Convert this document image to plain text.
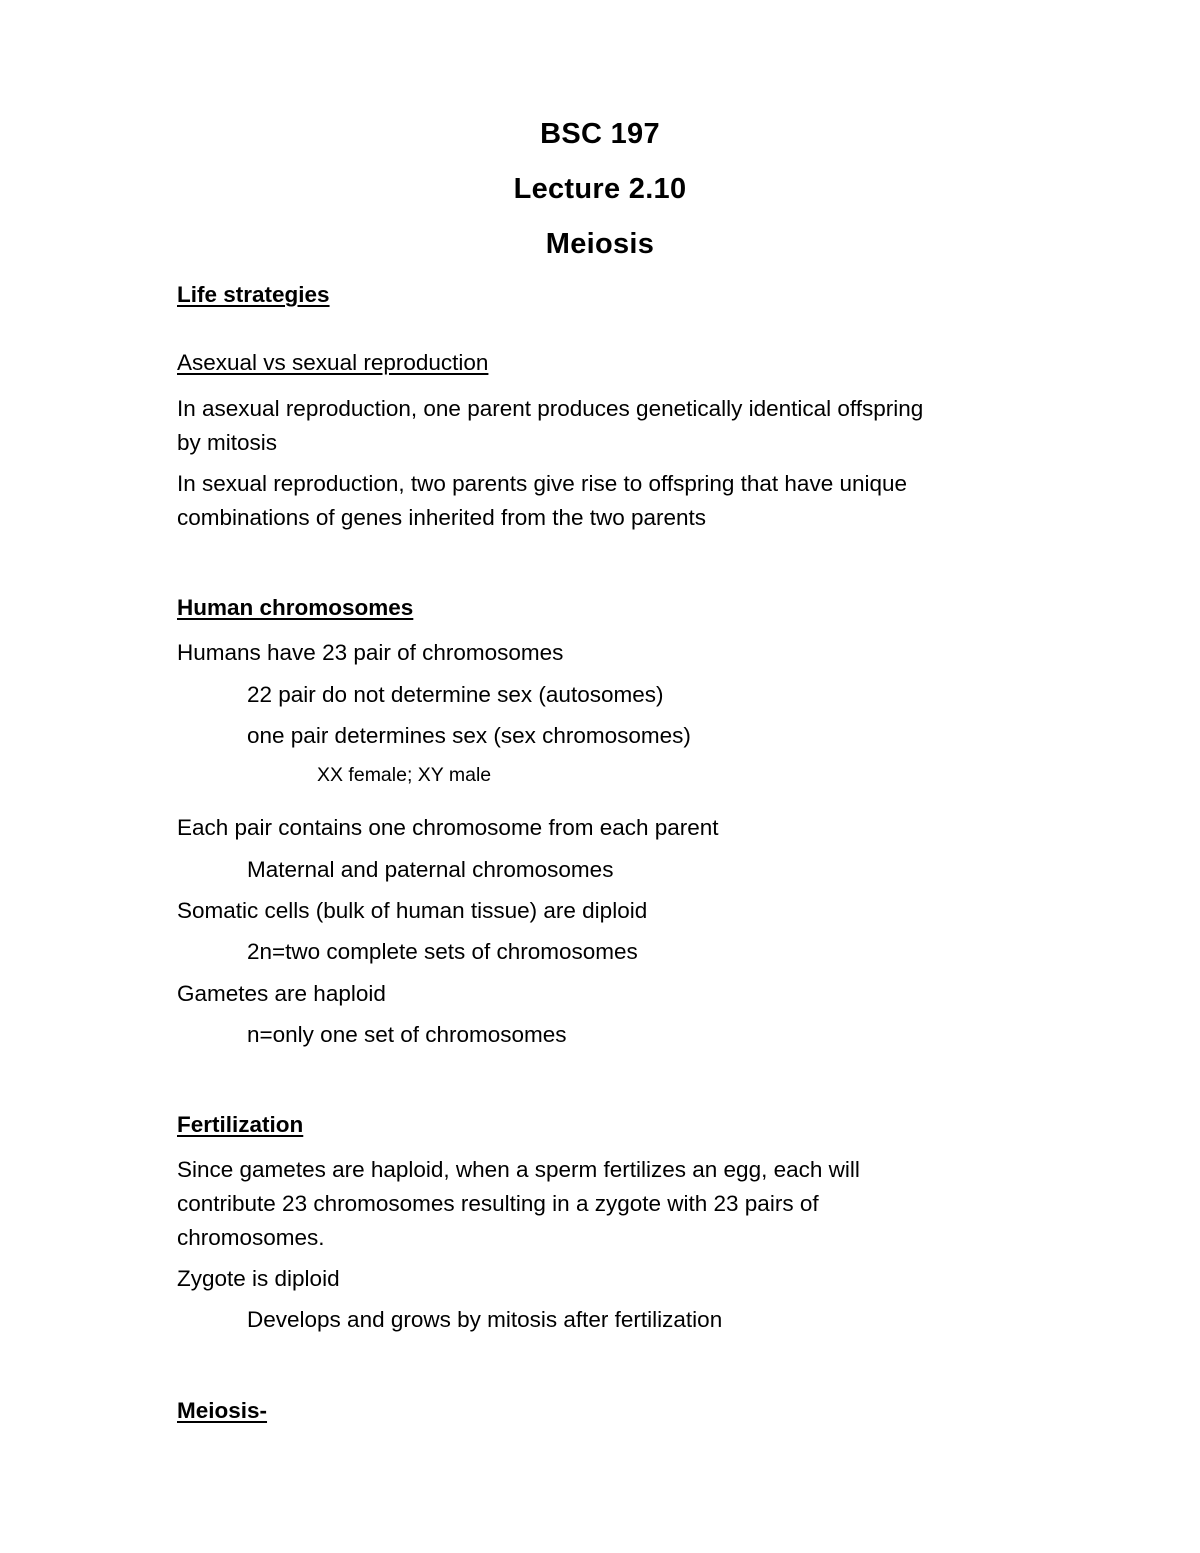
BSC 197
Lecture 2.10
Meiosis
Life strategies
Asexual vs sexual reproduction
In asexual reproduction, one parent produces genetically identical offspring
by mitosis
In sexual reproduction, two parents give rise to offspring that have unique
combinations of genes inherited from the two parents
Human chromosomes
Humans have 23 pair of chromosomes
22 pair do not determine sex (autosomes)
one pair determines sex (sex chromosomes)
XX female; XY male
Each pair contains one chromosome from each parent
Maternal and paternal chromosomes
Somatic cells (bulk of human tissue) are diploid
2n=two complete sets of chromosomes
Gametes are haploid
n=only one set of chromosomes
Fertilization
Since gametes are haploid, when a sperm fertilizes an egg, each will
contribute 23 chromosomes resulting in a zygote with 23 pairs of
chromosomes.
Zygote is diploid
Develops and grows by mitosis after fertilization
Meiosis-
